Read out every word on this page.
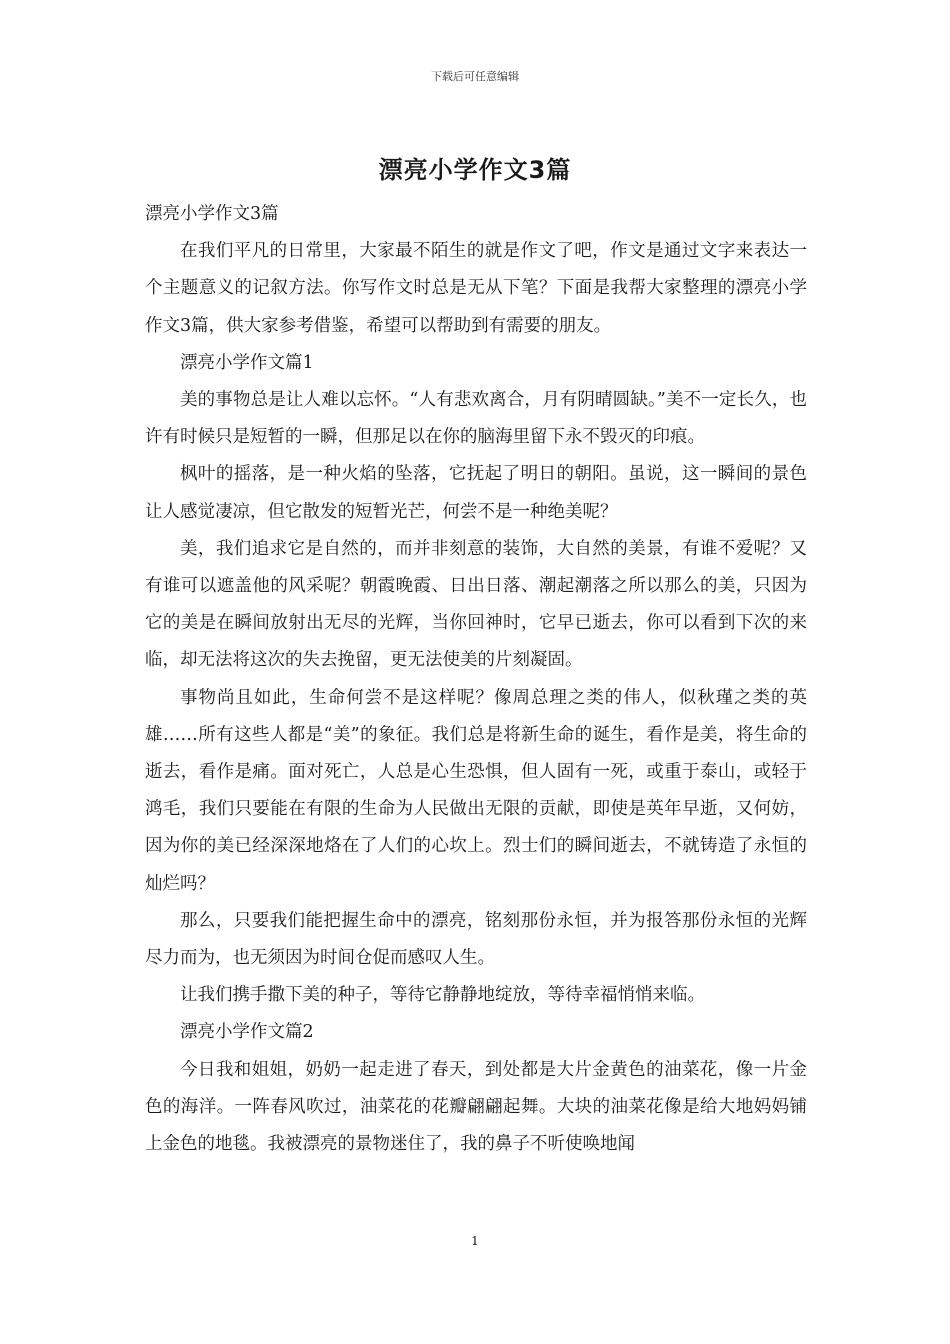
下载后可任意编辑
漂亮小学作文3篇

漂亮小学作文3篇

在我们平凡的日常里，大家最不陌生的就是作文了吧，作文是通过文字来表达一个主题意义的记叙方法。你写作文时总是无从下笔？下面是我帮大家整理的漂亮小学作文3篇，供大家参考借鉴，希望可以帮助到有需要的朋友。

漂亮小学作文篇1

美的事物总是让人难以忘怀。“人有悲欢离合，月有阴晴圆缺。”美不一定长久，也许有时候只是短暂的一瞬，但那足以在你的脑海里留下永不毁灭的印痕。

枫叶的摇落，是一种火焰的坠落，它抚起了明日的朝阳。虽说，这一瞬间的景色让人感觉凄凉，但它散发的短暂光芒，何尝不是一种绝美呢？

美，我们追求它是自然的，而并非刻意的装饰，大自然的美景，有谁不爱呢？又有谁可以遮盖他的风采呢？朝霞晚霞、日出日落、潮起潮落之所以那么的美，只因为它的美是在瞬间放射出无尽的光辉，当你回神时，它早已逝去，你可以看到下次的来临，却无法将这次的失去挽留，更无法使美的片刻凝固。

事物尚且如此，生命何尝不是这样呢？像周总理之类的伟人，似秋瑾之类的英雄……所有这些人都是“美”的象征。我们总是将新生命的诞生，看作是美，将生命的逝去，看作是痛。面对死亡，人总是心生恐惧，但人固有一死，或重于泰山，或轻于鸿毛，我们只要能在有限的生命为人民做出无限的贡献，即使是英年早逝，又何妨，因为你的美已经深深地烙在了人们的心坎上。烈士们的瞬间逝去，不就铸造了永恒的灿烂吗？

那么，只要我们能把握生命中的漂亮，铭刻那份永恒，并为报答那份永恒的光辉尽力而为，也无须因为时间仓促而感叹人生。

让我们携手撒下美的种子，等待它静静地绽放，等待幸福悄悄来临。

漂亮小学作文篇2

今日我和姐姐，奶奶一起走进了春天，到处都是大片金黄色的油菜花，像一片金色的海洋。一阵春风吹过，油菜花的花瓣翩翩起舞。大块的油菜花像是给大地妈妈铺上金色的地毯。我被漂亮的景物迷住了，我的鼻子不听使唤地闻

1
